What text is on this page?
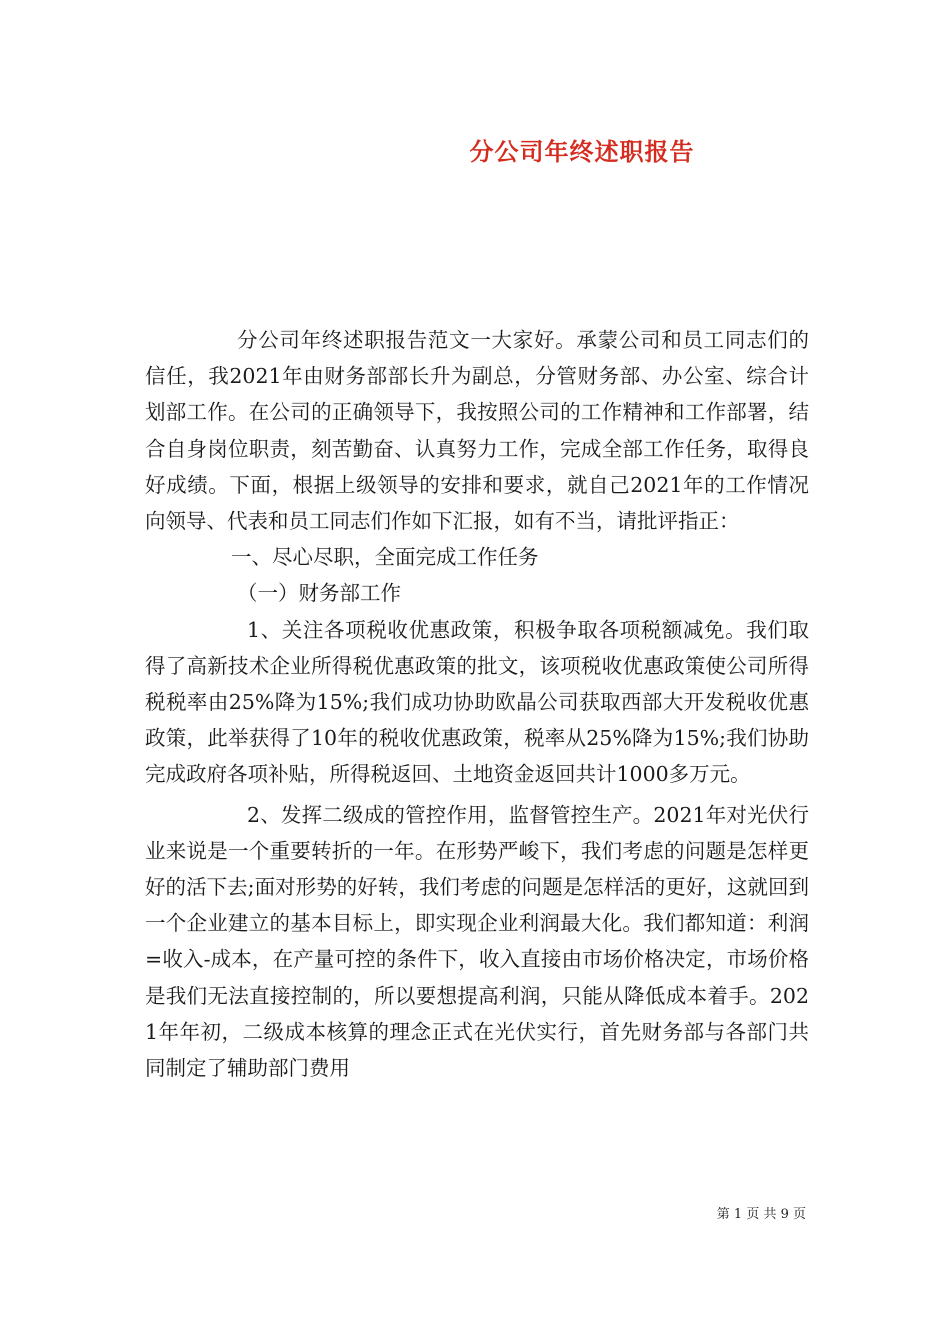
分公司年终述职报告

分公司年终述职报告范文一大家好。承蒙公司和员工同志们的信任，我2021年由财务部部长升为副总，分管财务部、办公室、综合计划部工作。在公司的正确领导下，我按照公司的工作精神和工作部署，结合自身岗位职责，刻苦勤奋、认真努力工作，完成全部工作任务，取得良好成绩。下面，根据上级领导的安排和要求，就自己2021年的工作情况向领导、代表和员工同志们作如下汇报，如有不当，请批评指正：

一、尽心尽职，全面完成工作任务

（一）财务部工作

1、关注各项税收优惠政策，积极争取各项税额减免。我们取得了高新技术企业所得税优惠政策的批文，该项税收优惠政策使公司所得税税率由25%降为15%;我们成功协助欧晶公司获取西部大开发税收优惠政策，此举获得了10年的税收优惠政策，税率从25%降为15%;我们协助完成政府各项补贴，所得税返回、土地资金返回共计1000多万元。

2、发挥二级成的管控作用，监督管控生产。2021年对光伏行业来说是一个重要转折的一年。在形势严峻下，我们考虑的问题是怎样更好的活下去;面对形势的好转，我们考虑的问题是怎样活的更好，这就回到一个企业建立的基本目标上，即实现企业利润最大化。我们都知道：利润=收入-成本，在产量可控的条件下，收入直接由市场价格决定，市场价格是我们无法直接控制的，所以要想提高利润，只能从降低成本着手。2021年年初，二级成本核算的理念正式在光伏实行，首先财务部与各部门共同制定了辅助部门费用

第 1 页 共 9 页
